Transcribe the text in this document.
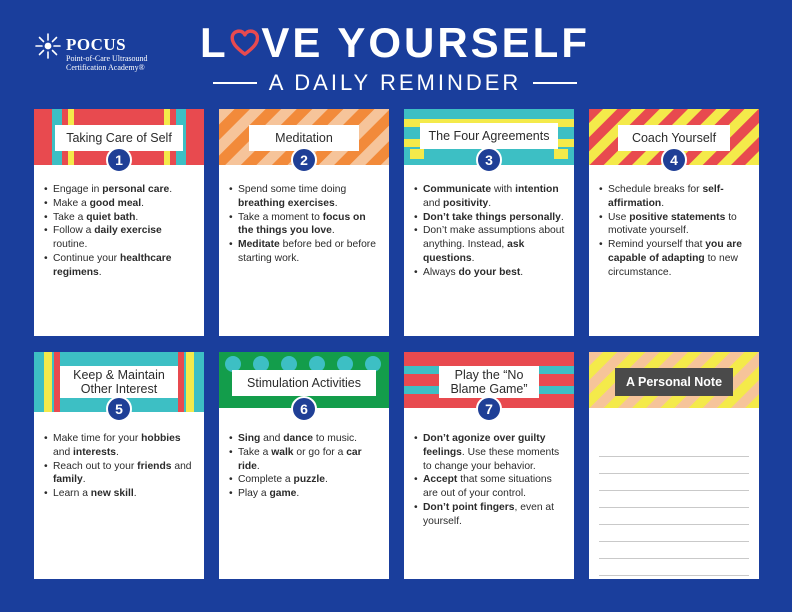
POCUS
Point-of-Care Ultrasound Certification Academy®
L VE YOURSELF
A DAILY REMINDER
Taking Care of Self
1
• Engage in personal care.
• Make a good meal.
• Take a quiet bath.
• Follow a daily exercise routine.
• Continue your healthcare regimens.
Meditation
2
• Spend some time doing breathing exercises.
• Take a moment to focus on the things you love.
• Meditate before bed or before starting work.
The Four Agreements
3
• Communicate with intention and positivity.
• Don’t take things personally.
• Don’t make assumptions about anything. Instead, ask questions.
• Always do your best.
Coach Yourself
4
• Schedule breaks for self-affirmation.
• Use positive statements to motivate yourself.
• Remind yourself that you are capable of adapting to new circumstance.
Keep & Maintain Other Interest
5
• Make time for your hobbies and interests.
• Reach out to your friends and family.
• Learn a new skill.
Stimulation Activities
6
• Sing and dance to music.
• Take a walk or go for a car ride.
• Complete a puzzle.
• Play a game.
Play the “No Blame Game”
7
• Don’t agonize over guilty feelings. Use these moments to change your behavior.
• Accept that some situations are out of your control.
• Don’t point fingers, even at yourself.
A Personal Note
